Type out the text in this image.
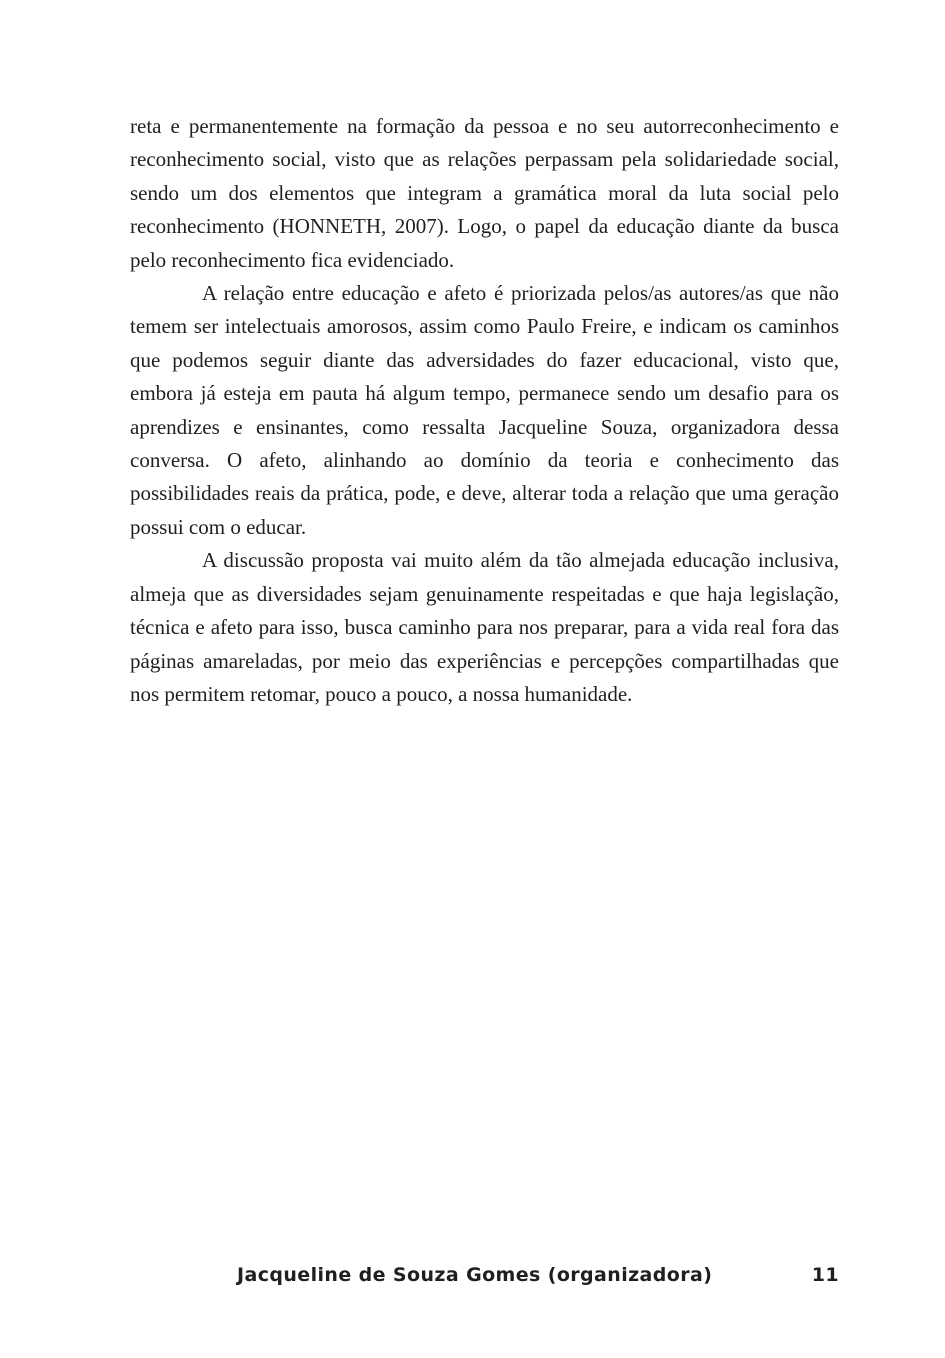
reta e permanentemente na formação da pessoa e no seu autorreconhecimento e reconhecimento social, visto que as relações perpassam pela solidariedade social, sendo um dos elementos que integram a gramática moral da luta social pelo reconhecimento (HONNETH, 2007). Logo, o papel da educação diante da busca pelo reconhecimento fica evidenciado.

A relação entre educação e afeto é priorizada pelos/as autores/as que não temem ser intelectuais amorosos, assim como Paulo Freire, e indicam os caminhos que podemos seguir diante das adversidades do fazer educacional, visto que, embora já esteja em pauta há algum tempo, permanece sendo um desafio para os aprendizes e ensinantes, como ressalta Jacqueline Souza, organizadora dessa conversa. O afeto, alinhando ao domínio da teoria e conhecimento das possibilidades reais da prática, pode, e deve, alterar toda a relação que uma geração possui com o educar.

A discussão proposta vai muito além da tão almejada educação inclusiva, almeja que as diversidades sejam genuinamente respeitadas e que haja legislação, técnica e afeto para isso, busca caminho para nos preparar, para a vida real fora das páginas amareladas, por meio das experiências e percepções compartilhadas que nos permitem retomar, pouco a pouco, a nossa humanidade.

Jacqueline de Souza Gomes (organizadora)	11
